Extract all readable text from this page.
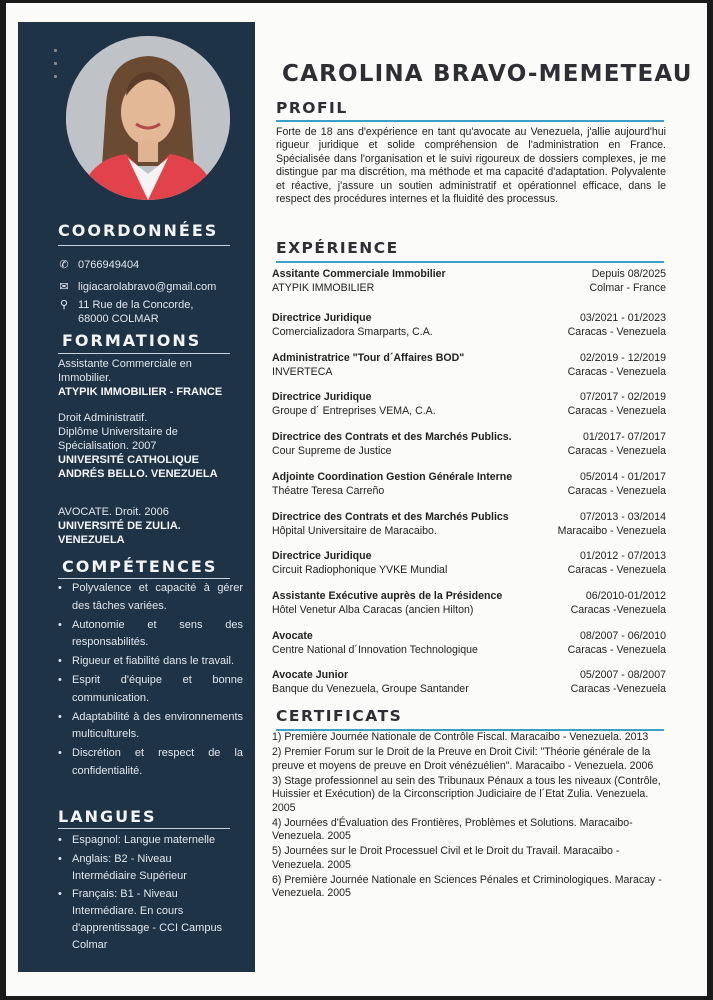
COORDONNÉES
✆ 0766949404
✉ ligiacarolabravo@gmail.com
⚲ 11 Rue de la Concorde,
68000 COLMAR
FORMATIONS
Assistante Commerciale en
Immobilier.
ATYPIK IMMOBILIER - FRANCE
Droit Administratif.
Diplôme Universitaire de
Spécialisation. 2007
UNIVERSITÉ CATHOLIQUE
ANDRÉS BELLO. VENEZUELA
AVOCATE. Droit. 2006
UNIVERSITÉ DE ZULIA.
VENEZUELA
COMPÉTENCES
• Polyvalence et capacité à gérer des tâches variées.
• Autonomie et sens des responsabilités.
• Rigueur et fiabilité dans le travail.
• Esprit d'équipe et bonne communication.
• Adaptabilité à des environnements multiculturels.
• Discrétion et respect de la confidentialité.
LANGUES
• Espagnol: Langue maternelle
• Anglais: B2 - Niveau Intermédiaire Supérieur
• Français: B1 - Niveau Intermédiare. En cours d'apprentissage - CCI Campus Colmar
CAROLINA BRAVO-MEMETEAU
PROFIL
Forte de 18 ans d'expérience en tant qu'avocate au Venezuela, j'allie aujourd'hui rigueur juridique et solide compréhension de l'administration en France. Spécialisée dans l'organisation et le suivi rigoureux de dossiers complexes, je me distingue par ma discrétion, ma méthode et ma capacité d'adaptation. Polyvalente et réactive, j'assure un soutien administratif et opérationnel efficace, dans le respect des procédures internes et la fluidité des processus.
EXPÉRIENCE
Assitante Commerciale Immobilier
ATYPIK IMMOBILIER
Depuis 08/2025
Colmar - France
Directrice Juridique
Comercializadora Smarparts, C.A.
03/2021 - 01/2023
Caracas - Venezuela
Administratrice "Tour d´Affaires BOD"
INVERTECA
02/2019 - 12/2019
Caracas - Venezuela
Directrice Juridique
Groupe d´ Entreprises VEMA, C.A.
07/2017 - 02/2019
Caracas - Venezuela
Directrice des Contrats et des Marchés Publics.
Cour Supreme de Justice
01/2017- 07/2017
Caracas - Venezuela
Adjointe Coordination Gestion Générale Interne
Théatre Teresa Carreño
05/2014 - 01/2017
Caracas - Venezuela
Directrice des Contrats et des Marchés Publics
Hôpital Universitaire de Maracaibo.
07/2013 - 03/2014
Maracaibo - Venezuela
Directrice Juridique
Circuit Radiophonique YVKE Mundial
01/2012 - 07/2013
Caracas - Venezuela
Assistante Exécutive auprès de la Présidence
Hôtel Venetur Alba Caracas (ancien Hilton)
06/2010-01/2012
Caracas -Venezuela
Avocate
Centre National d´Innovation Technologique
08/2007 - 06/2010
Caracas - Venezuela
Avocate Junior
Banque du Venezuela, Groupe Santander
05/2007 - 08/2007
Caracas -Venezuela
CERTIFICATS

1) Première Journée Nationale de Contrôle Fiscal. Maracaibo - Venezuela. 2013

2) Premier Forum sur le Droit de la Preuve en Droit Civil: "Théorie générale de la preuve et moyens de preuve en Droit vénézuélien". Maracaibo - Venezuela. 2006

3) Stage professionnel au sein des Tribunaux Pénaux a tous les niveaux (Contrôle, Huissier et Exécution) de la Circonscription Judiciaire de l´Etat Zulia. Venezuela. 2005

4) Journées d'Évaluation des Frontières, Problèmes et Solutions. Maracaibo- Venezuela. 2005

5) Journées sur le Droit Processuel Civil et le Droit du Travail. Maracaibo - Venezuela. 2005

6) Première Journée Nationale en Sciences Pénales et Criminologiques. Maracay - Venezuela. 2005
